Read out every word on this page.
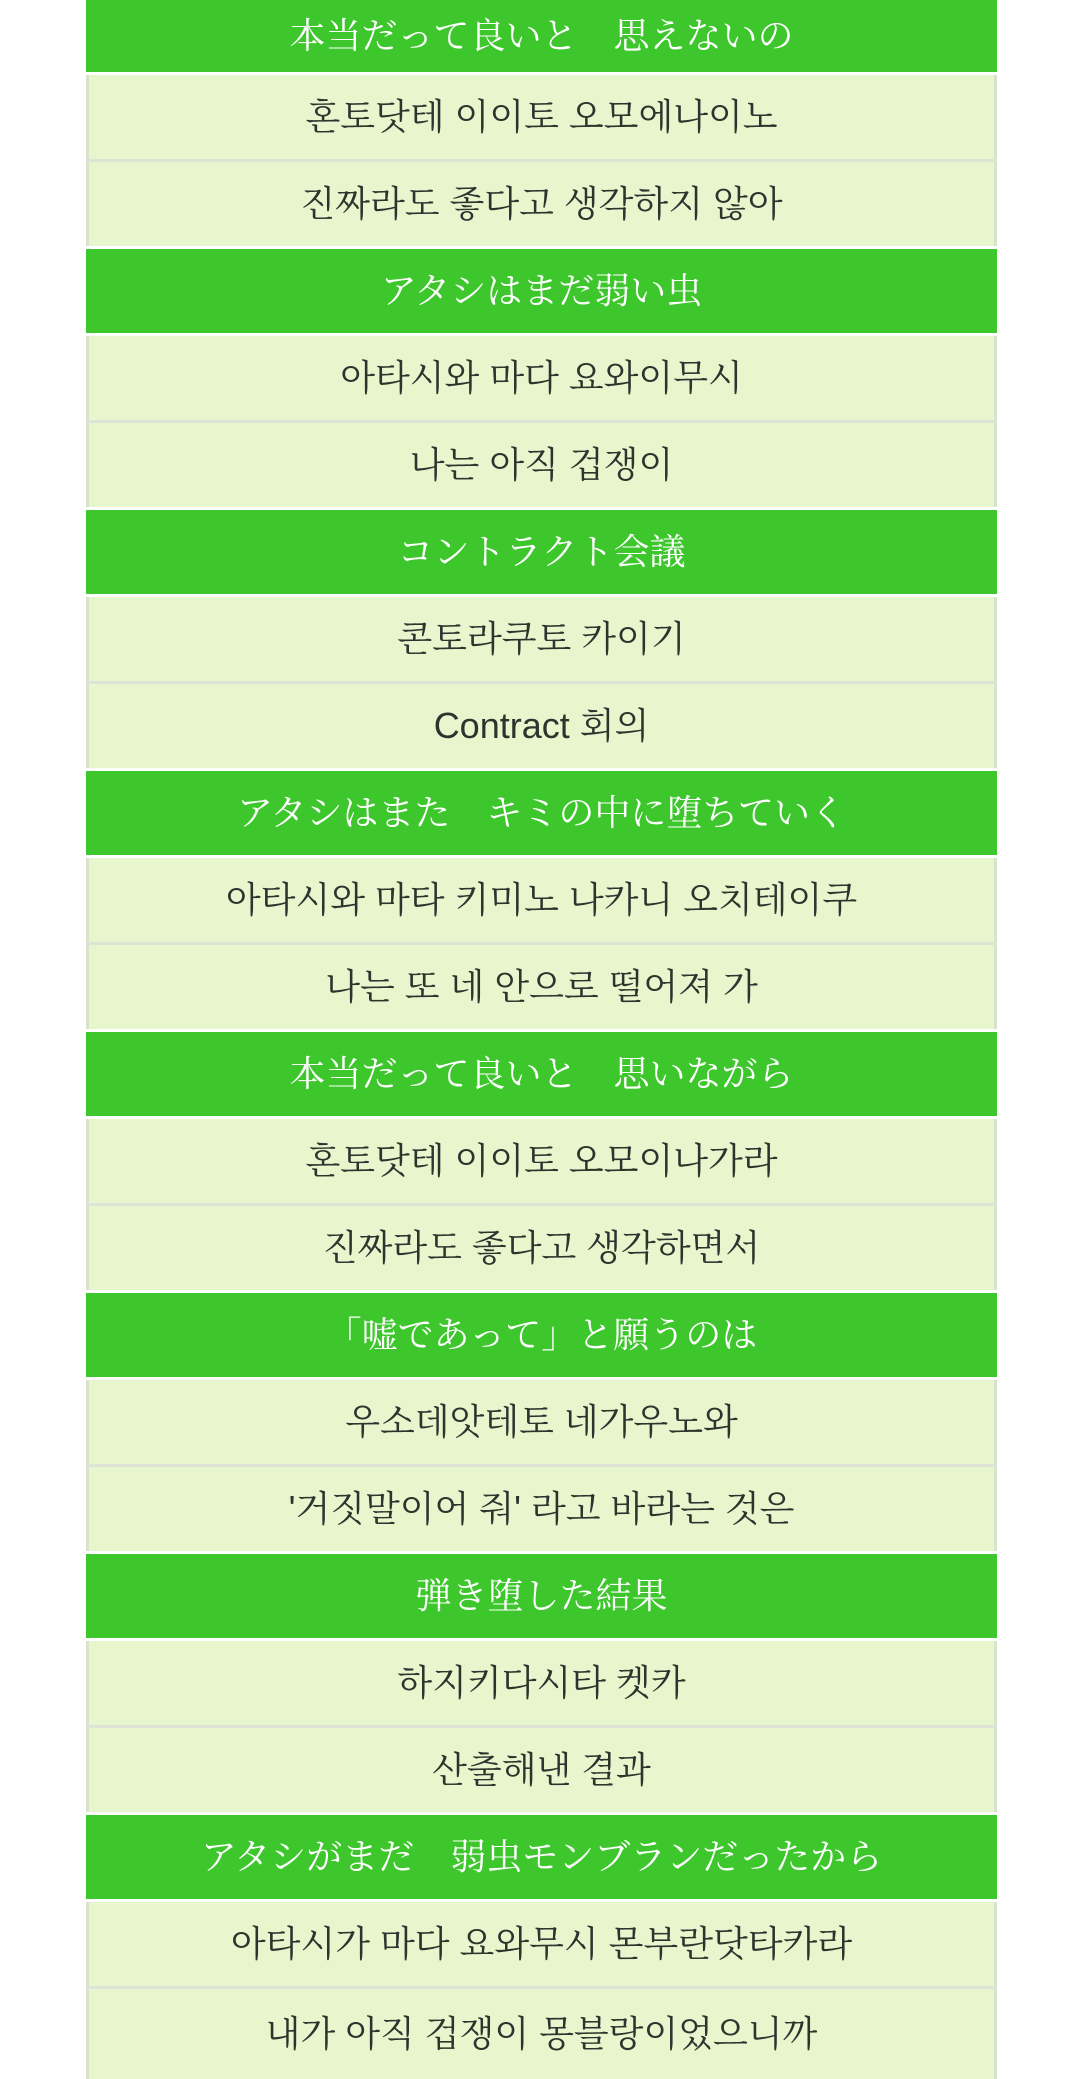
本当だって良いと　思えないの
혼토닷테 이이토 오모에나이노
진짜라도 좋다고 생각하지 않아
アタシはまだ弱い虫
아타시와 마다 요와이무시
나는 아직 겁쟁이
コントラクト会議
콘토라쿠토 카이기
Contract 회의
アタシはまた　キミの中に堕ちていく
아타시와 마타 키미노 나카니 오치테이쿠
나는 또 네 안으로 떨어져 가
本当だって良いと　思いながら
혼토닷테 이이토 오모이나가라
진짜라도 좋다고 생각하면서
「嘘であって」と願うのは
우소데앗테토 네가우노와
'거짓말이어 줘' 라고 바라는 것은
弾き堕した結果
하지키다시타 켓카
산출해낸 결과
アタシがまだ　弱虫モンブランだったから
아타시가 마다 요와무시 몬부란닷타카라
내가 아직 겁쟁이 몽블랑이었으니까
